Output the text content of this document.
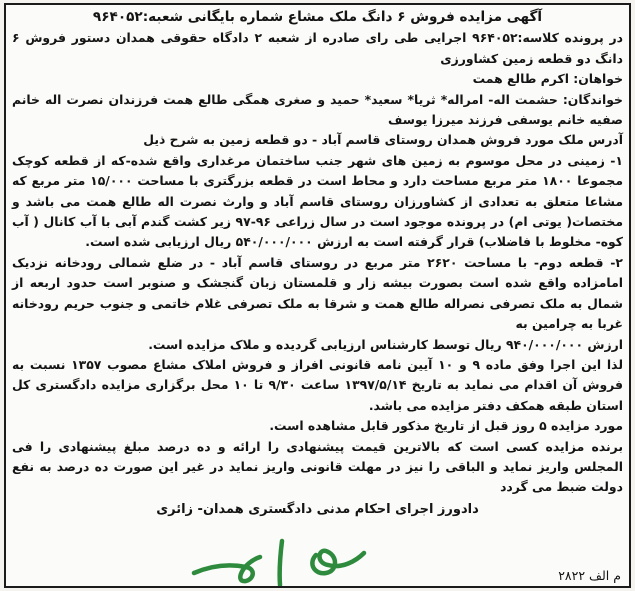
آگهی مزایده فروش ۶ دانگ ملک مشاع شماره بایگانی شعبه:۹۶۴۰۵۲

در پرونده کلاسه:۹۶۴۰۵۲ اجرایی طی رای صادره از شعبه ۲ دادگاه حقوقی همدان دستور فروش ۶ دانگ دو قطعه زمین کشاورزی

خواهان: اکرم طالع همت

خواندگان: حشمت اله- امراله* ثریا* سعید* حمید و صغری همگی طالع همت فرزندان نصرت اله خانم صفیه خانم یوسفی فرزند میرزا یوسف

آدرس ملک مورد فروش همدان روستای قاسم آباد - دو قطعه زمین به شرح ذیل

۱- زمینی در محل موسوم به زمین های شهر جنب ساختمان مرغداری واقع شده-که از قطعه کوچک مجموعا ۱۸۰۰ متر مربع مساحت دارد و محاط است در قطعه بزرگتری با مساحت ۱۵/۰۰۰ متر مربع که مشاعا متعلق به تعدادی از کشاورزان روستای قاسم آباد و وارث نصرت اله طالع همت می باشد و مختصات( یوتی ام) در پرونده موجود است در سال زراعی ۹۶-۹۷ زیر کشت گندم آبی با آب کانال ( آب کوه- مخلوط با فاضلاب) قرار گرفته است به ارزش ۵۴۰/۰۰۰/۰۰۰ ریال ارزیابی شده است.

۲- قطعه دوم- با مساحت ۲۶۲۰ متر مربع در روستای قاسم آباد - در ضلع شمالی رودخانه نزدیک امامزاده واقع شده است بصورت بیشه زار و قلمستان زبان گنجشک و صنوبر است حدود اربعه از شمال به ملک تصرفی نصراله طالع همت و شرقا به ملک تصرفی غلام خاتمی و جنوب حریم رودخانه غربا به چرامین به

ارزش ۹۴۰/۰۰۰/۰۰۰ ریال توسط کارشناس ارزیابی گردیده و ملاک مزایده است.

لذا این اجرا وفق ماده ۹ و ۱۰ آیین نامه قانونی افراز و فروش املاک مشاع مصوب ۱۳۵۷ نسبت به فروش آن اقدام می نماید به تاریخ ۱۳۹۷/۵/۱۴ ساعت ۹/۳۰ تا ۱۰ محل برگزاری مزایده دادگستری کل استان طبقه همکف دفتر مزایده می باشد.

مورد مزایده ۵ روز قبل از تاریخ مذکور قابل مشاهده است.

برنده مزایده کسی است که بالاترین قیمت پیشنهادی را ارائه و ده درصد مبلغ پیشنهادی را فی المجلس واریز نماید و الباقی را نیز در مهلت قانونی واریز نماید در غیر این صورت ده درصد به نفع دولت ضبط می گردد

دادورز اجرای احکام مدنی دادگستری همدان- زائری

م الف ۲۸۲۲
